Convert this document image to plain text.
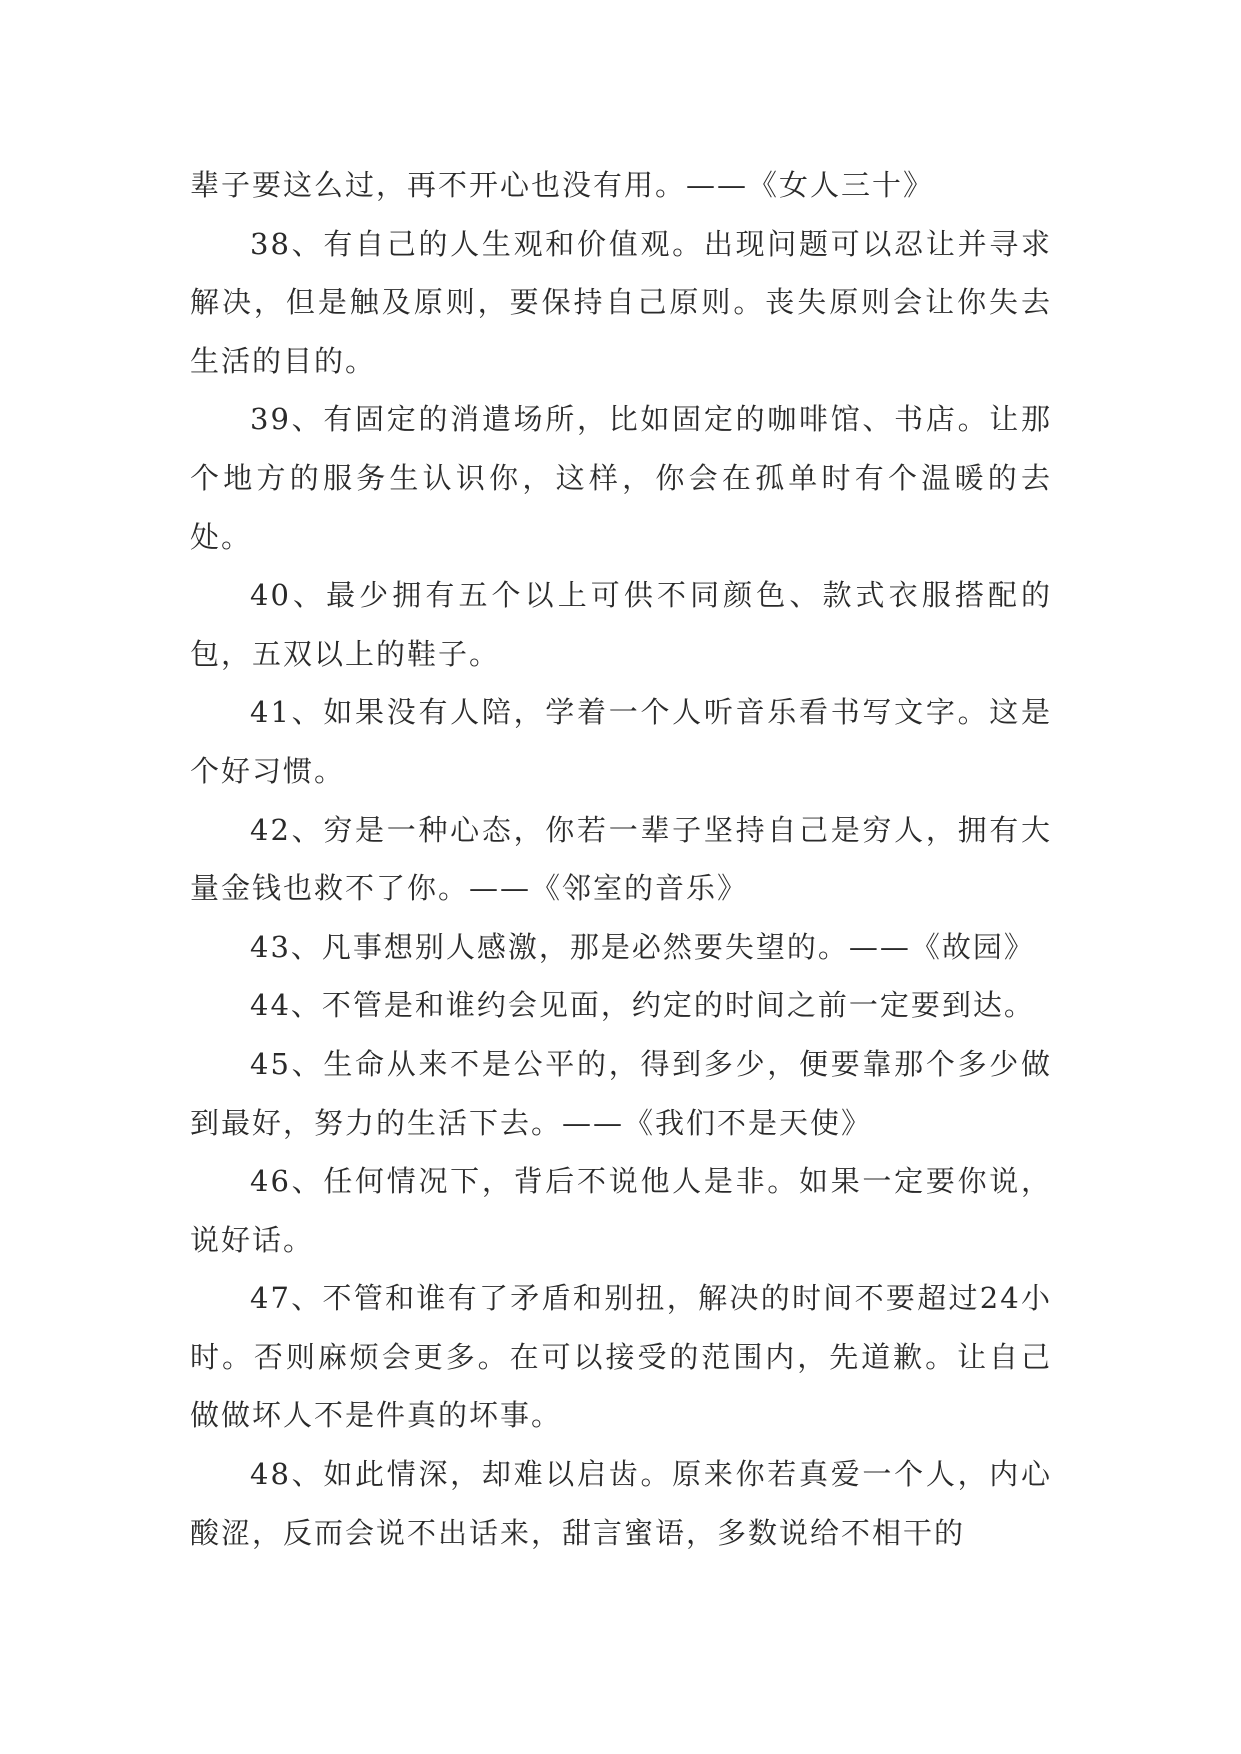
辈子要这么过，再不开心也没有用。——《女人三十》

38、有自己的人生观和价值观。出现问题可以忍让并寻求解决，但是触及原则，要保持自己原则。丧失原则会让你失去生活的目的。

39、有固定的消遣场所，比如固定的咖啡馆、书店。让那个地方的服务生认识你，这样，你会在孤单时有个温暖的去处。

40、最少拥有五个以上可供不同颜色、款式衣服搭配的包，五双以上的鞋子。

41、如果没有人陪，学着一个人听音乐看书写文字。这是个好习惯。

42、穷是一种心态，你若一辈子坚持自己是穷人，拥有大量金钱也救不了你。——《邻室的音乐》

43、凡事想别人感激，那是必然要失望的。——《故园》

44、不管是和谁约会见面，约定的时间之前一定要到达。

45、生命从来不是公平的，得到多少，便要靠那个多少做到最好，努力的生活下去。——《我们不是天使》

46、任何情况下，背后不说他人是非。如果一定要你说，说好话。

47、不管和谁有了矛盾和别扭，解决的时间不要超过24小时。否则麻烦会更多。在可以接受的范围内，先道歉。让自己做做坏人不是件真的坏事。

48、如此情深，却难以启齿。原来你若真爱一个人，内心酸涩，反而会说不出话来，甜言蜜语，多数说给不相干的
